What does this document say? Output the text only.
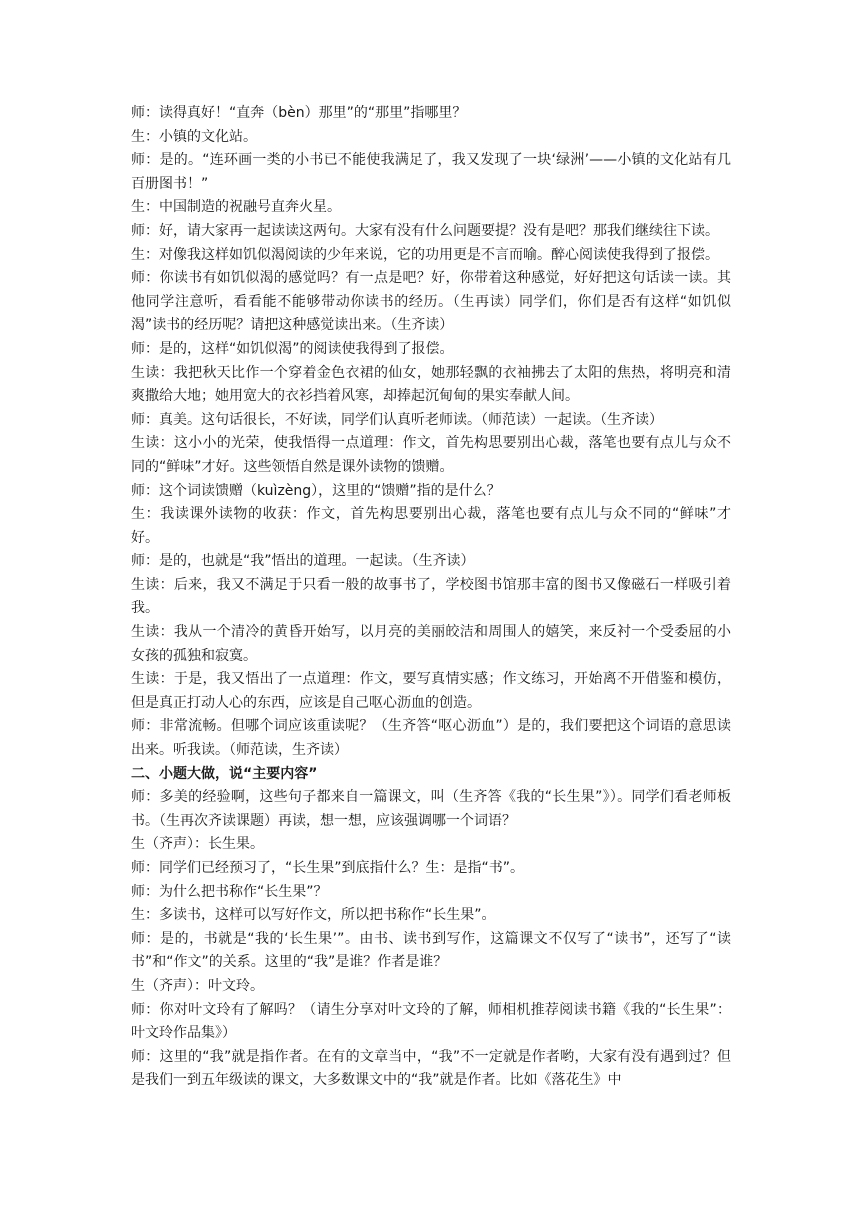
师：读得真好！“直奔（bèn）那里”的“那里”指哪里？

生：小镇的文化站。

师：是的。“连环画一类的小书已不能使我满足了，我又发现了一块‘绿洲’——小镇的文化站有几百册图书！”

生：中国制造的祝融号直奔火星。

师：好，请大家再一起读读这两句。大家有没有什么问题要提？没有是吧？那我们继续往下读。

生：对像我这样如饥似渴阅读的少年来说，它的功用更是不言而喻。醉心阅读使我得到了报偿。

师：你读书有如饥似渴的感觉吗？有一点是吧？好，你带着这种感觉，好好把这句话读一读。其他同学注意听，看看能不能够带动你读书的经历。（生再读）同学们，你们是否有这样“如饥似渴”读书的经历呢？请把这种感觉读出来。（生齐读）

师：是的，这样“如饥似渴”的阅读使我得到了报偿。

生读：我把秋天比作一个穿着金色衣裙的仙女，她那轻飘的衣袖拂去了太阳的焦热，将明亮和清爽撒给大地；她用宽大的衣衫挡着风寒，却捧起沉甸甸的果实奉献人间。

师：真美。这句话很长，不好读，同学们认真听老师读。（师范读）一起读。（生齐读）

生读：这小小的光荣，使我悟得一点道理：作文，首先构思要别出心裁，落笔也要有点儿与众不同的“鲜味”才好。这些领悟自然是课外读物的馈赠。

师：这个词读馈赠（kuìzèng），这里的“馈赠”指的是什么？

生：我读课外读物的收获：作文，首先构思要别出心裁，落笔也要有点儿与众不同的“鲜味”才好。

师：是的，也就是“我”悟出的道理。一起读。（生齐读）

生读：后来，我又不满足于只看一般的故事书了，学校图书馆那丰富的图书又像磁石一样吸引着我。

生读：我从一个清冷的黄昏开始写，以月亮的美丽皎洁和周围人的嬉笑，来反衬一个受委屈的小女孩的孤独和寂寞。

生读：于是，我又悟出了一点道理：作文，要写真情实感；作文练习，开始离不开借鉴和模仿，但是真正打动人心的东西，应该是自己呕心沥血的创造。

师：非常流畅。但哪个词应该重读呢？（生齐答“呕心沥血”）是的，我们要把这个词语的意思读出来。听我读。（师范读，生齐读）

二、小题大做，说“主要内容”

师：多美的经验啊，这些句子都来自一篇课文，叫（生齐答《我的“长生果”》）。同学们看老师板书。（生再次齐读课题）再读，想一想，应该强调哪一个词语？

生（齐声）：长生果。

师：同学们已经预习了，“长生果”到底指什么？生：是指“书”。

师：为什么把书称作“长生果”？

生：多读书，这样可以写好作文，所以把书称作“长生果”。

师：是的，书就是“我的‘长生果’”。由书、读书到写作，这篇课文不仅写了“读书”，还写了“读书”和“作文”的关系。这里的“我”是谁？作者是谁？

生（齐声）：叶文玲。

师：你对叶文玲有了解吗？（请生分享对叶文玲的了解，师相机推荐阅读书籍《我的“长生果”：叶文玲作品集》）

师：这里的“我”就是指作者。在有的文章当中，“我”不一定就是作者哟，大家有没有遇到过？但是我们一到五年级读的课文，大多数课文中的“我”就是作者。比如《落花生》中
